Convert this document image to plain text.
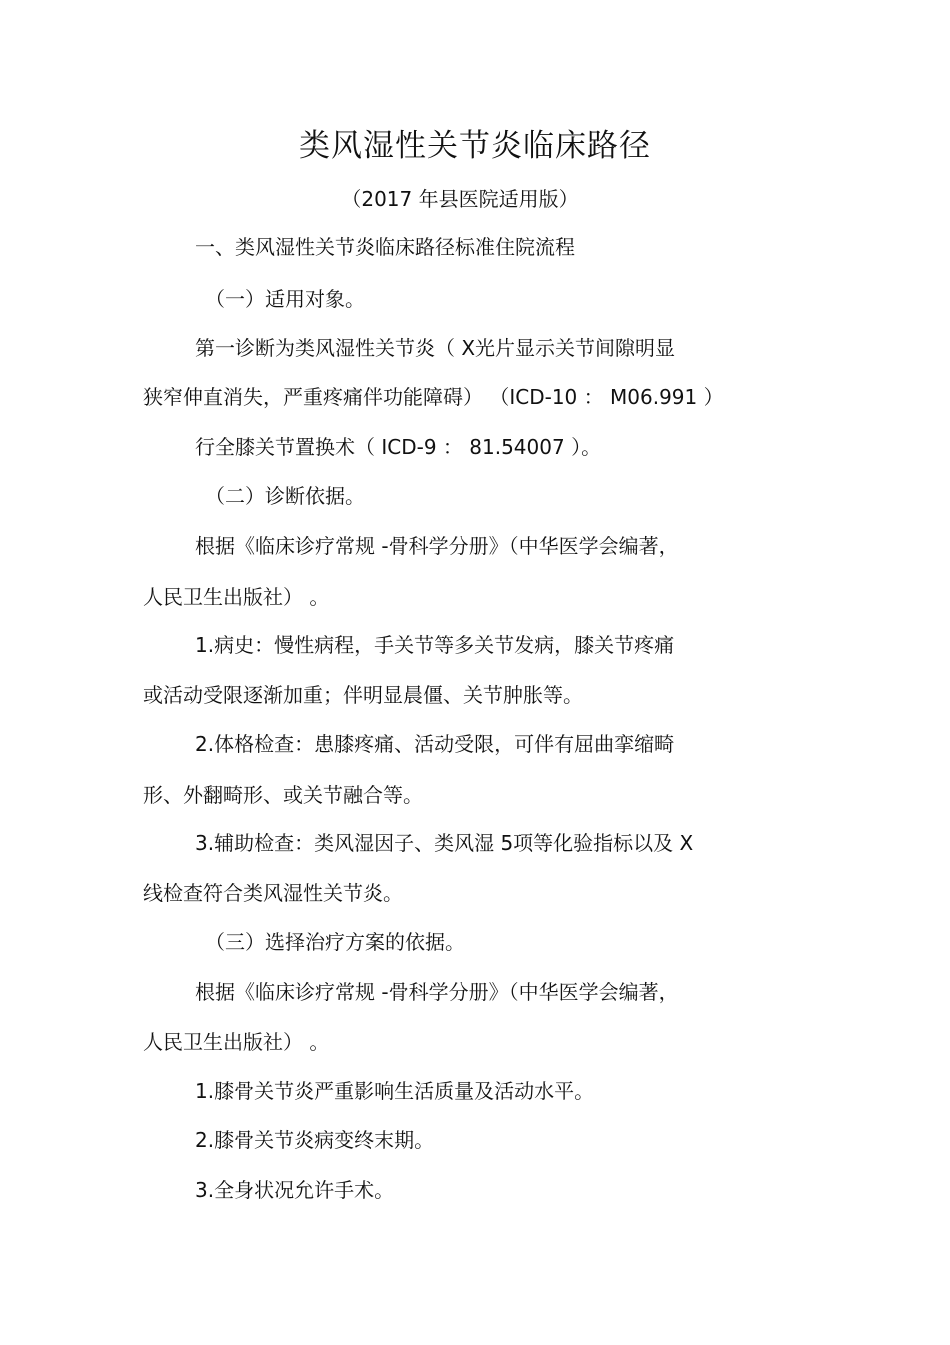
类风湿性关节炎临床路径
（2017 年县医院适用版）
一、类风湿性关节炎临床路径标准住院流程
（一）适用对象。
第一诊断为类风湿性关节炎（ X光片显示关节间隙明显
狭窄伸直消失，严重疼痛伴功能障碍） （ICD-10 ： M06.991 ）
行全膝关节置换术（ ICD-9 ： 81.54007 ）。
（二）诊断依据。
根据《临床诊疗常规 -骨科学分册》（中华医学会编著，
人民卫生出版社） 。
1.病史：慢性病程，手关节等多关节发病，膝关节疼痛
或活动受限逐渐加重；伴明显晨僵、关节肿胀等。
2.体格检查：患膝疼痛、活动受限，可伴有屈曲挛缩畸
形、外翻畸形、或关节融合等。
3.辅助检查：类风湿因子、类风湿 5项等化验指标以及 X
线检查符合类风湿性关节炎。
（三）选择治疗方案的依据。
根据《临床诊疗常规 -骨科学分册》（中华医学会编著，
人民卫生出版社） 。
1.膝骨关节炎严重影响生活质量及活动水平。
2.膝骨关节炎病变终末期。
3.全身状况允许手术。
